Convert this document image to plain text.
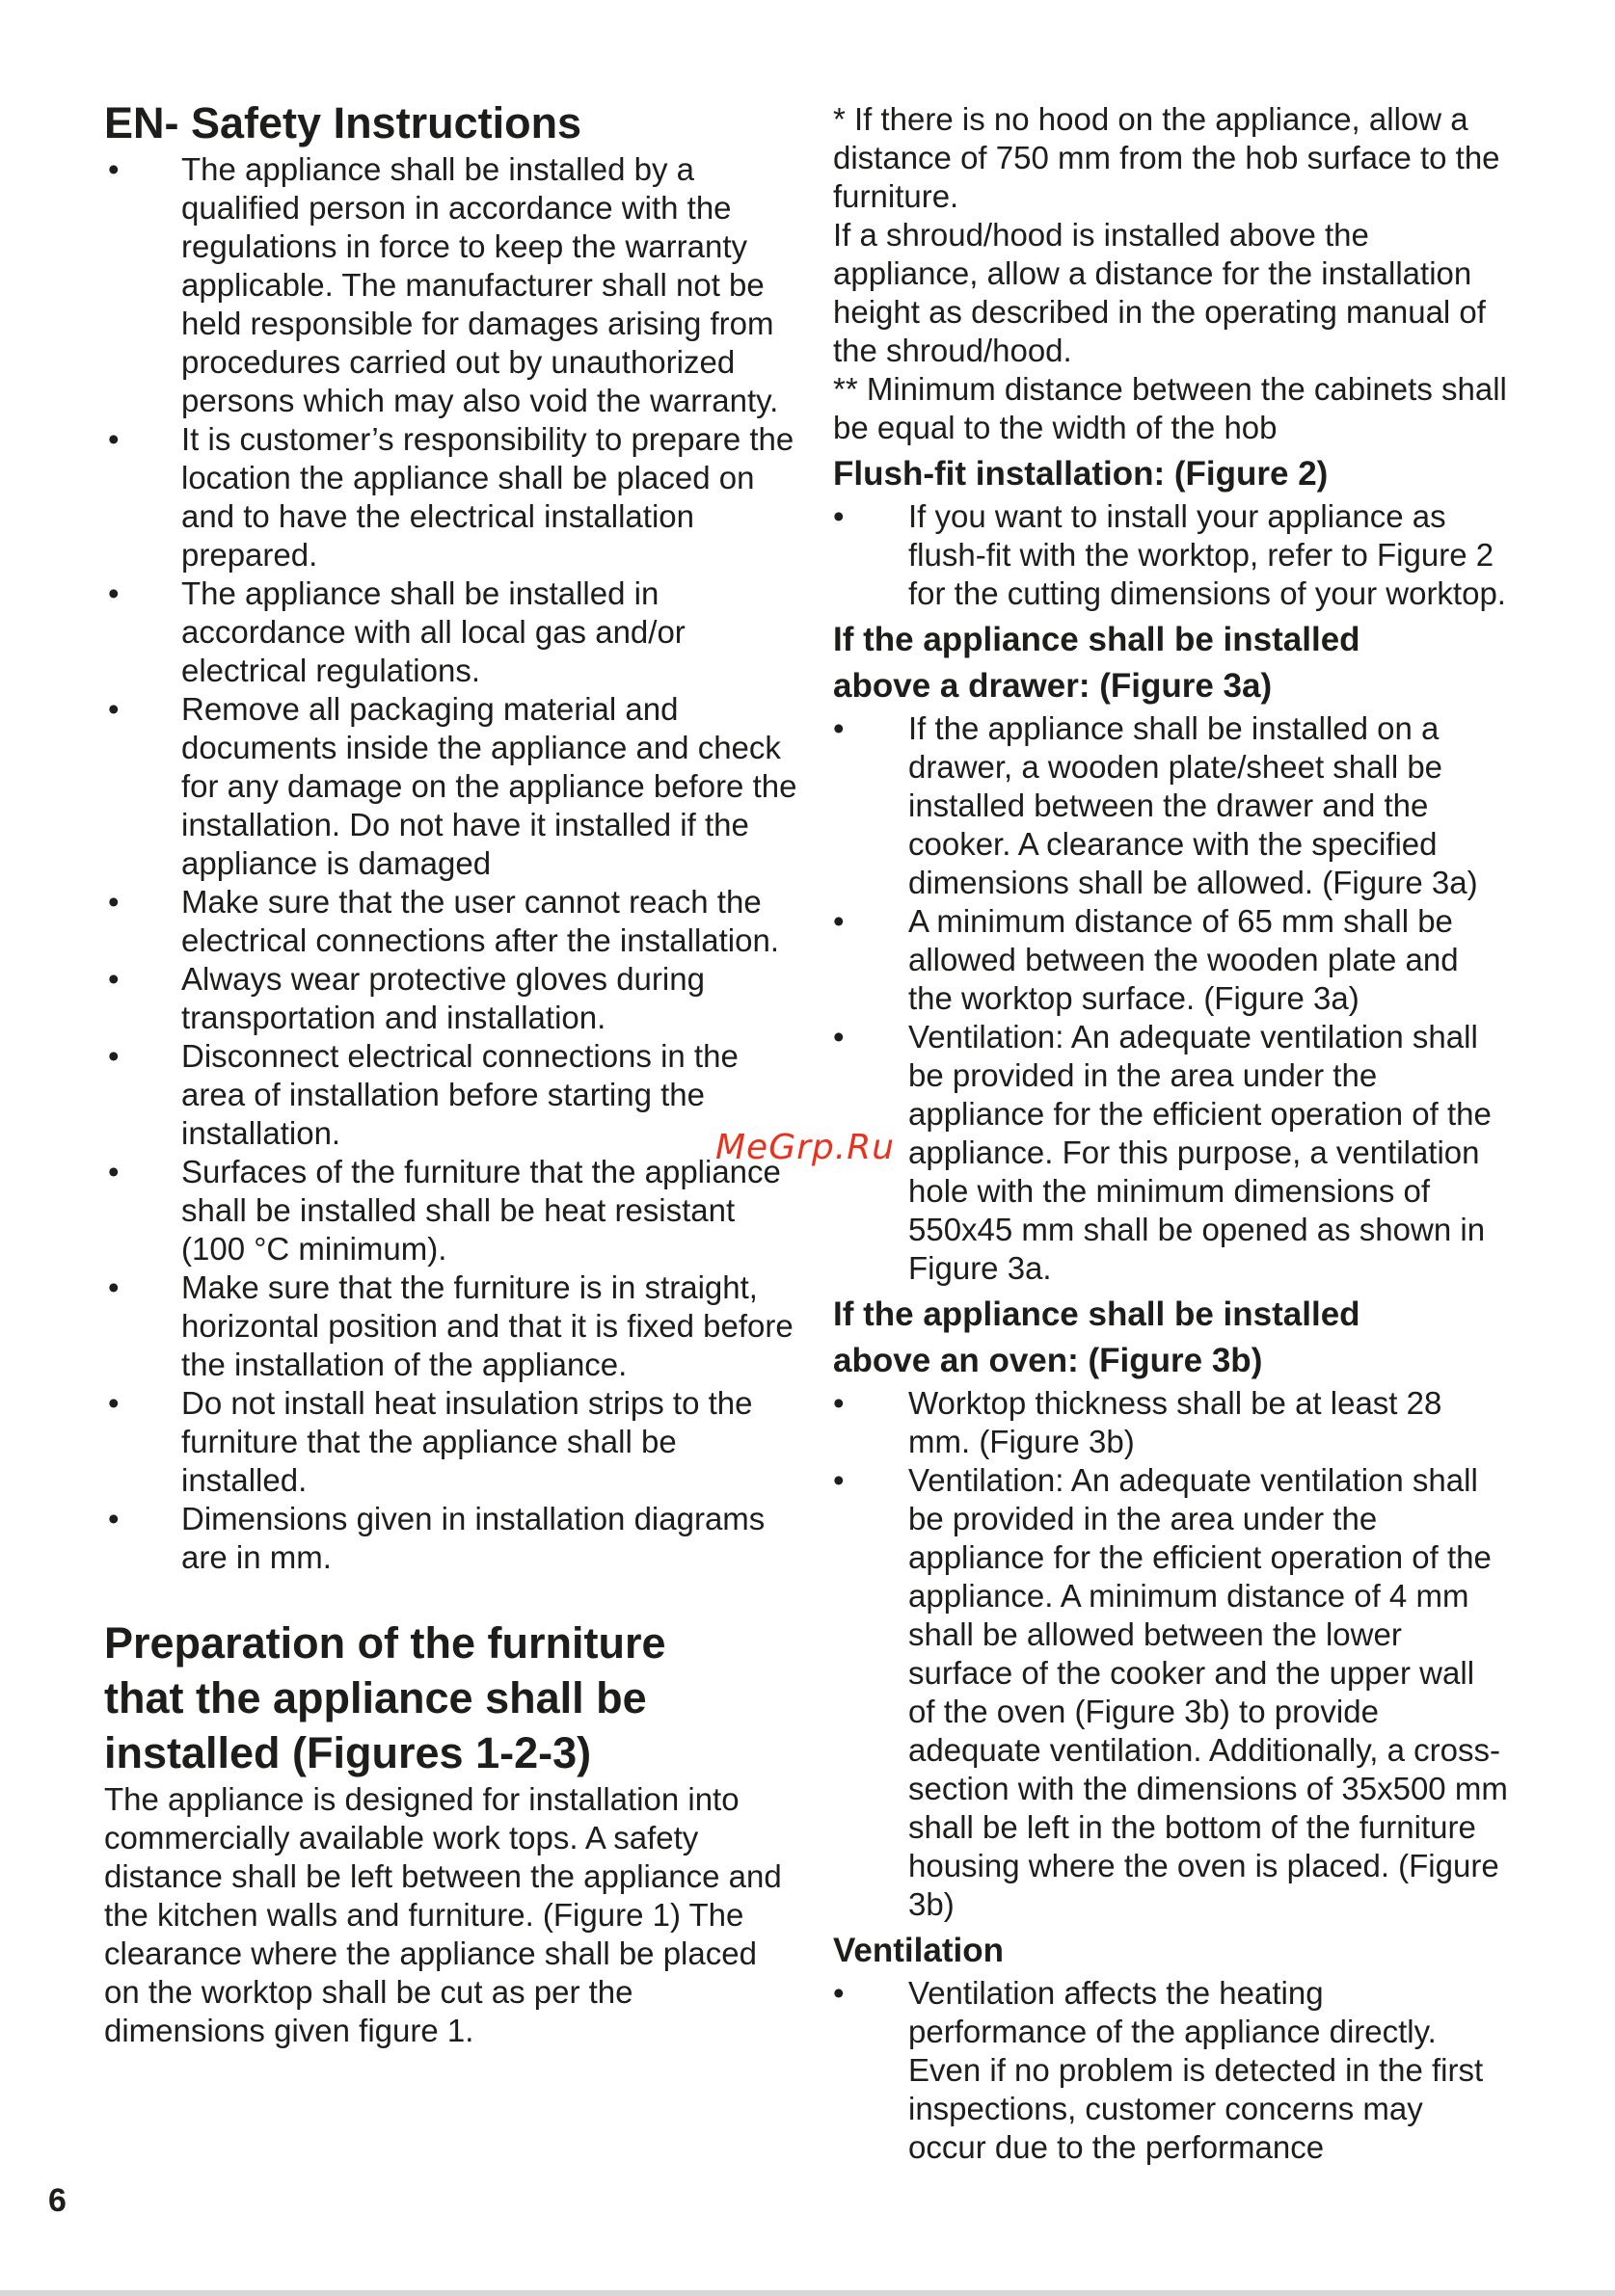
EN- Safety Instructions
•	The appliance shall be installed by a qualified person in accordance with the regulations in force to keep the warranty applicable. The manufacturer shall not be held responsible for damages arising from procedures carried out by unauthorized persons which may also void the warranty.
•	It is customer’s responsibility to prepare the location the appliance shall be placed on and to have the electrical installation prepared.
•	The appliance shall be installed in accordance with all local gas and/or electrical regulations.
•	Remove all packaging material and documents inside the appliance and check for any damage on the appliance before the installation. Do not have it installed if the appliance is damaged
•	Make sure that the user cannot reach the electrical connections after the installation.
•	Always wear protective gloves during transportation and installation.
•	Disconnect electrical connections in the area of installation before starting the installation.
•	Surfaces of the furniture that the appliance shall be installed shall be heat resistant (100 °C minimum).
•	Make sure that the furniture is in straight, horizontal position and that it is fixed before the installation of the appliance.
•	Do not install heat insulation strips to the furniture that the appliance shall be installed.
•	Dimensions given in installation diagrams are in mm.
Preparation of the furniture
that the appliance shall be
installed (Figures 1-2-3)

The appliance is designed for installation into commercially available work tops. A safety distance shall be left between the appliance and the kitchen walls and furniture. (Figure 1) The clearance where the appliance shall be placed on the worktop shall be cut as per the dimensions given figure 1.

* If there is no hood on the appliance, allow a distance of 750 mm from the hob surface to the furniture.

If a shroud/hood is installed above the appliance, allow a distance for the installation height as described in the operating manual of the shroud/hood.

** Minimum distance between the cabinets shall be equal to the width of the hob

Flush-fit installation: (Figure 2)
•	If you want to install your appliance as flush-fit with the worktop, refer to Figure 2 for the cutting dimensions of your worktop.
If the appliance shall be installed
above a drawer: (Figure 3a)
•	If the appliance shall be installed on a drawer, a wooden plate/sheet shall be installed between the drawer and the cooker. A clearance with the specified dimensions shall be allowed. (Figure 3a)
•	A minimum distance of 65 mm shall be allowed between the wooden plate and the worktop surface. (Figure 3a)
•	Ventilation: An adequate ventilation shall be provided in the area under the appliance for the efficient operation of the appliance. For this purpose, a ventilation hole with the minimum dimensions of 550x45 mm shall be opened as shown in Figure 3a.
If the appliance shall be installed
above an oven: (Figure 3b)
•	Worktop thickness shall be at least 28 mm. (Figure 3b)
•	Ventilation: An adequate ventilation shall be provided in the area under the appliance for the efficient operation of the appliance. A minimum distance of 4 mm shall be allowed between the lower surface of the cooker and the upper wall of the oven (Figure 3b) to provide adequate ventilation. Additionally, a cross-section with the dimensions of 35x500 mm shall be left in the bottom of the furniture housing where the oven is placed. (Figure 3b)
Ventilation
•	Ventilation affects the heating performance of the appliance directly. Even if no problem is detected in the first inspections, customer concerns may occur due to the performance
MeGrp.Ru
6
